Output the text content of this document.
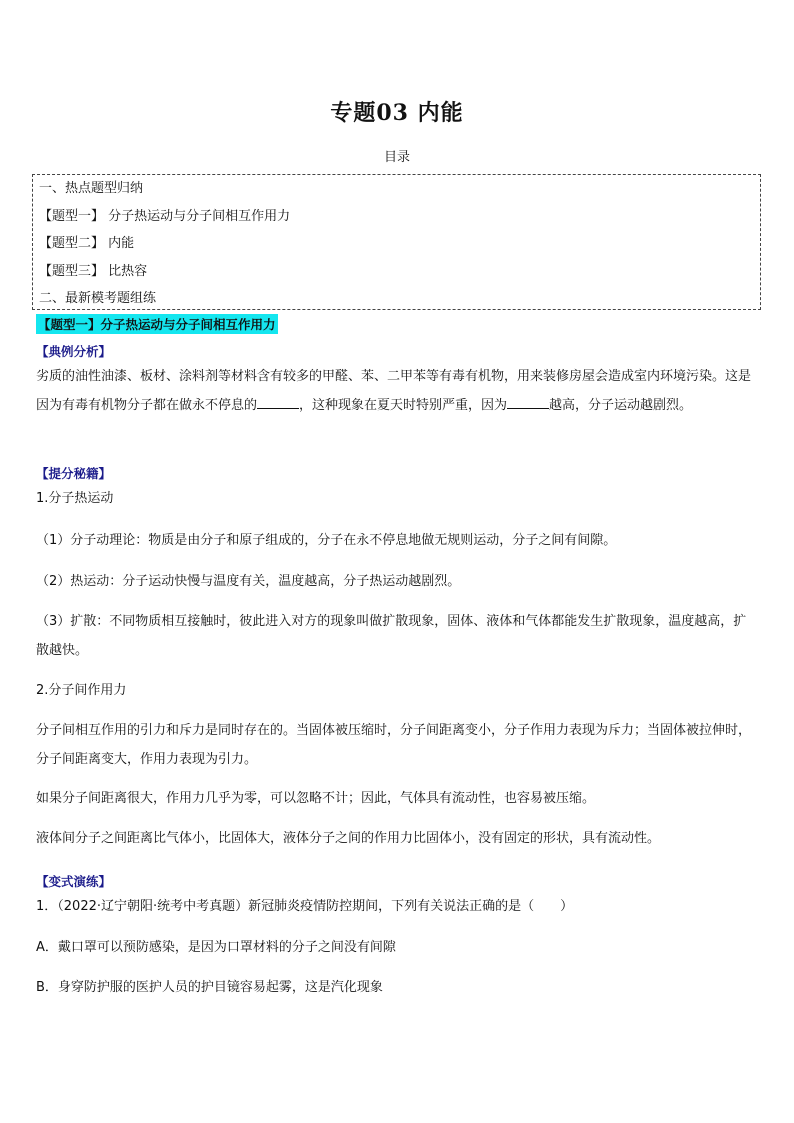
专题03 内能
目录
一、热点题型归纳
【题型一】 分子热运动与分子间相互作用力
【题型二】 内能
【题型三】 比热容
二、最新模考题组练
【题型一】分子热运动与分子间相互作用力
【典例分析】
劣质的油性油漆、板材、涂料剂等材料含有较多的甲醛、苯、二甲苯等有毒有机物，用来装修房屋会造成室内环境污染。这是因为有毒有机物分子都在做永不停息的	，这种现象在夏天时特别严重，因为	越高，分子运动越剧烈。
【提分秘籍】
1.分子热运动
（1）分子动理论：物质是由分子和原子组成的，分子在永不停息地做无规则运动，分子之间有间隙。
（2）热运动：分子运动快慢与温度有关，温度越高，分子热运动越剧烈。
（3）扩散：不同物质相互接触时，彼此进入对方的现象叫做扩散现象，固体、液体和气体都能发生扩散现象，温度越高，扩散越快。
2.分子间作用力
分子间相互作用的引力和斥力是同时存在的。当固体被压缩时，分子间距离变小，分子作用力表现为斥力；当固体被拉伸时，分子间距离变大，作用力表现为引力。
如果分子间距离很大，作用力几乎为零，可以忽略不计；因此，气体具有流动性，也容易被压缩。
液体间分子之间距离比气体小，比固体大，液体分子之间的作用力比固体小，没有固定的形状，具有流动性。
【变式演练】
1．（2022·辽宁朝阳·统考中考真题）新冠肺炎疫情防控期间，下列有关说法正确的是（　　）
A．戴口罩可以预防感染，是因为口罩材料的分子之间没有间隙
B．身穿防护服的医护人员的护目镜容易起雾，这是汽化现象
